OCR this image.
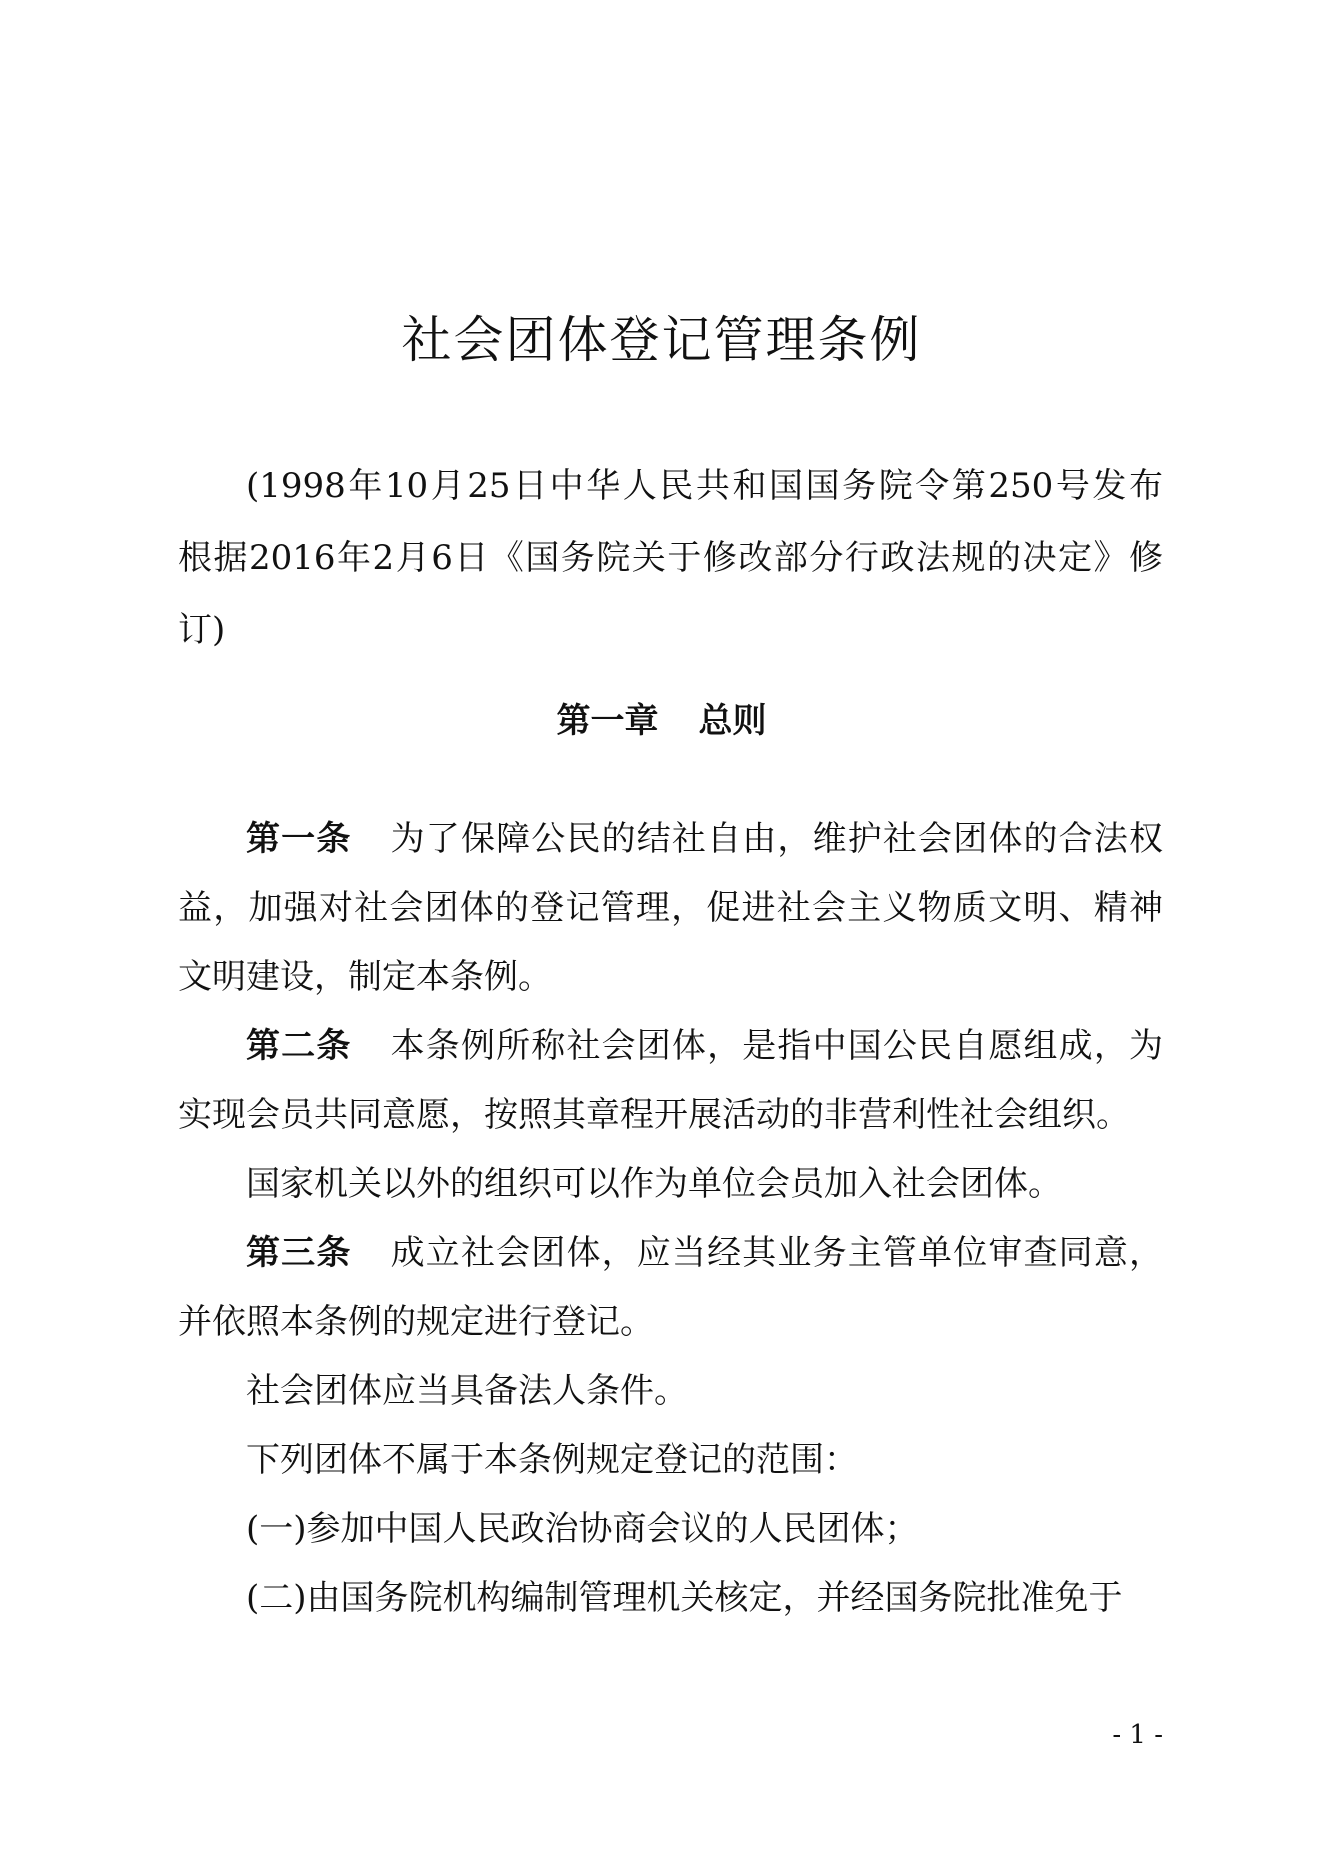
社会团体登记管理条例
(1998年10月25日中华人民共和国国务院令第250号发布　根据2016年2月6日《国务院关于修改部分行政法规的决定》修订)
第一章 总则

第一条 为了保障公民的结社自由，维护社会团体的合法权益，加强对社会团体的登记管理，促进社会主义物质文明、精神文明建设，制定本条例。

第二条 本条例所称社会团体，是指中国公民自愿组成，为实现会员共同意愿，按照其章程开展活动的非营利性社会组织。

国家机关以外的组织可以作为单位会员加入社会团体。

第三条 成立社会团体，应当经其业务主管单位审查同意，并依照本条例的规定进行登记。

社会团体应当具备法人条件。

下列团体不属于本条例规定登记的范围：

(一)参加中国人民政治协商会议的人民团体；

(二)由国务院机构编制管理机关核定，并经国务院批准免于

- 1 -
